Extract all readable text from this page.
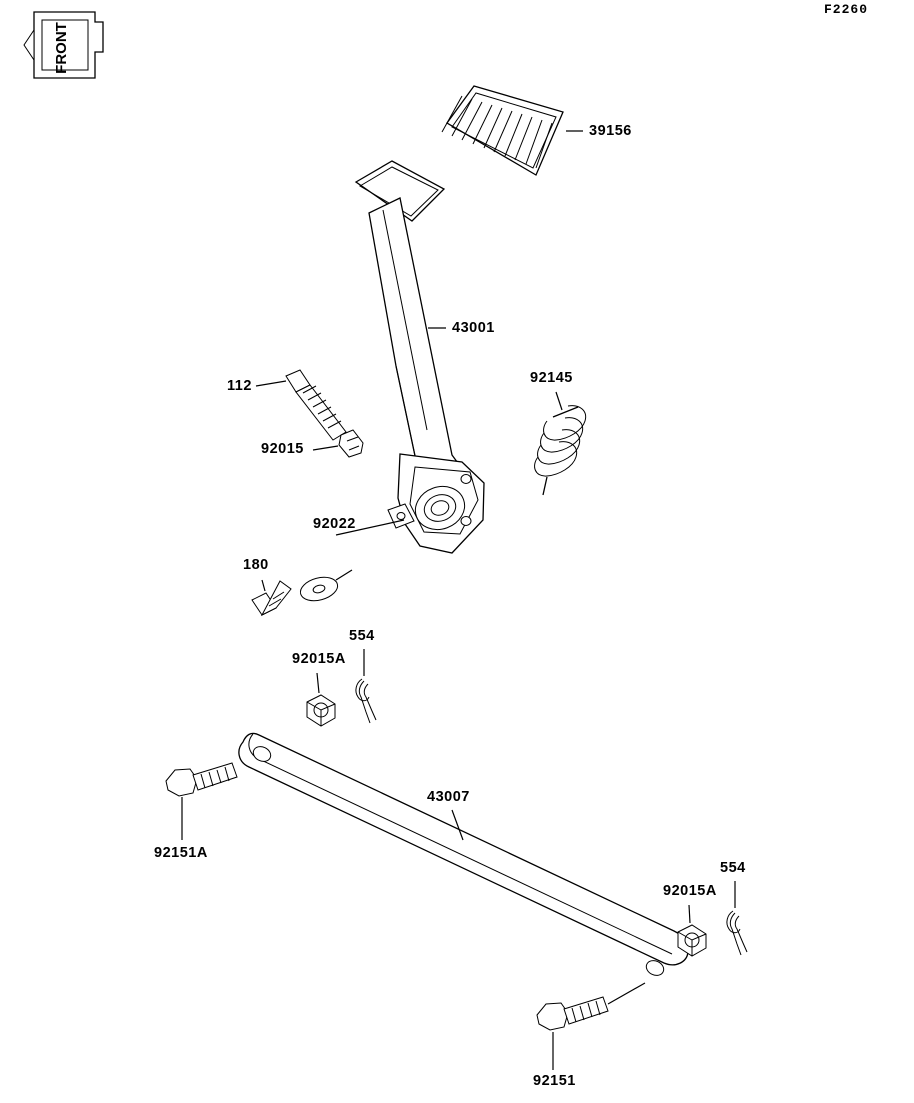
F2260
FRONT
39156
43001
112
92015
92145
92022
180
554
92015A
92151A
43007
554
92015A
92151
